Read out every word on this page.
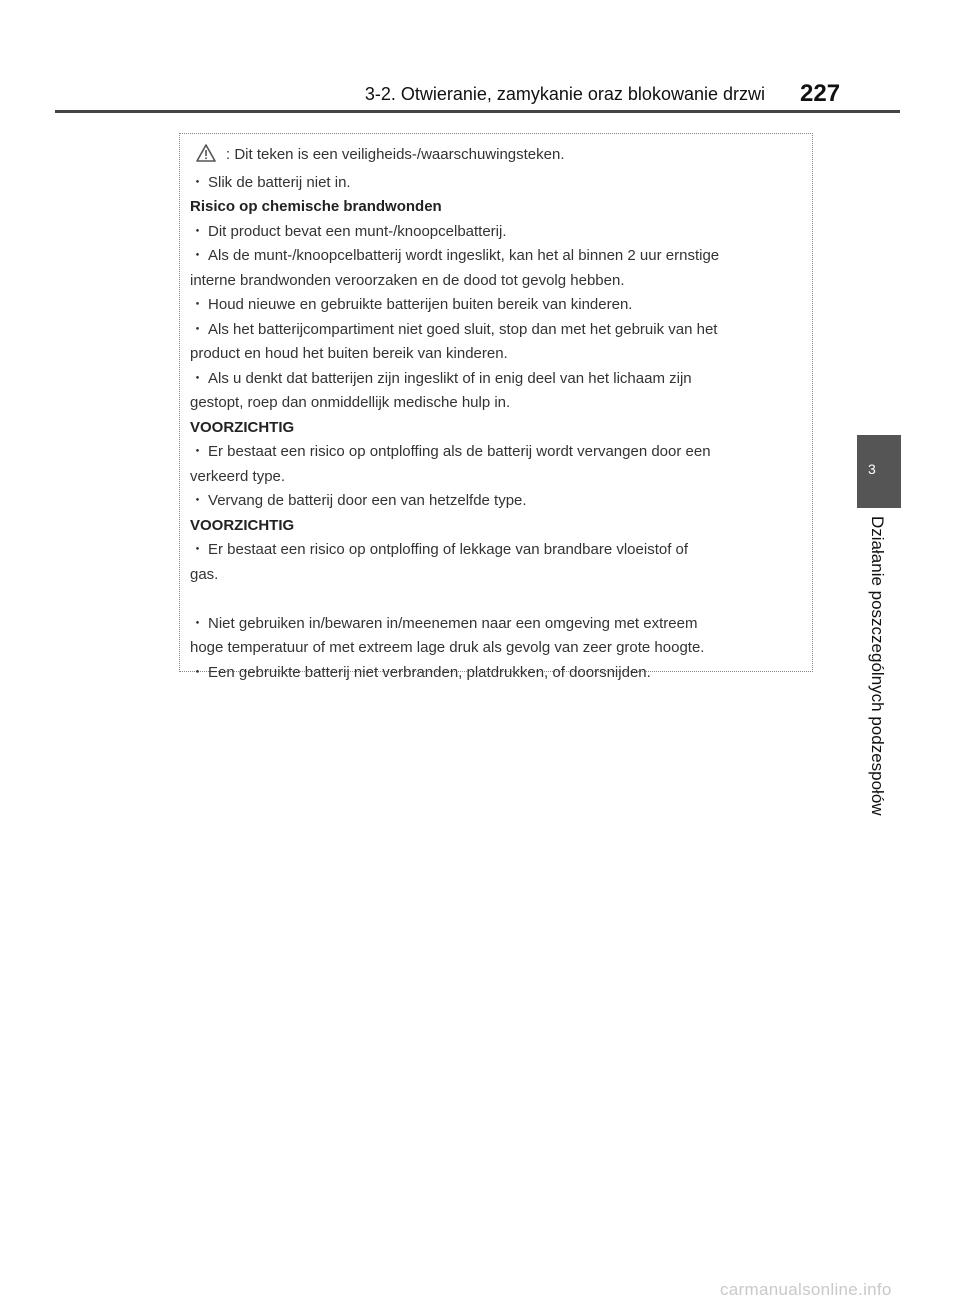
3-2. Otwieranie, zamykanie oraz blokowanie drzwi 227
3
Działanie poszczególnych podzespołów
: Dit teken is een veiligheids-/waarschuwingsteken.
・ Slik de batterij niet in.
Risico op chemische brandwonden
・ Dit product bevat een munt-/knoopcelbatterij.
・ Als de munt-/knoopcelbatterij wordt ingeslikt, kan het al binnen 2 uur ernstige
interne brandwonden veroorzaken en de dood tot gevolg hebben.
・ Houd nieuwe en gebruikte batterijen buiten bereik van kinderen.
・ Als het batterijcompartiment niet goed sluit, stop dan met het gebruik van het
product en houd het buiten bereik van kinderen.
・ Als u denkt dat batterijen zijn ingeslikt of in enig deel van het lichaam zijn
gestopt, roep dan onmiddellijk medische hulp in.
VOORZICHTIG
・ Er bestaat een risico op ontploffing als de batterij wordt vervangen door een
verkeerd type.
・ Vervang de batterij door een van hetzelfde type.
VOORZICHTIG
・ Er bestaat een risico op ontploffing of lekkage van brandbare vloeistof of
gas.
・ Niet gebruiken in/bewaren in/meenemen naar een omgeving met extreem
hoge temperatuur of met extreem lage druk als gevolg van zeer grote hoogte.
・ Een gebruikte batterij niet verbranden, platdrukken, of doorsnijden.
carmanualsonline.info
